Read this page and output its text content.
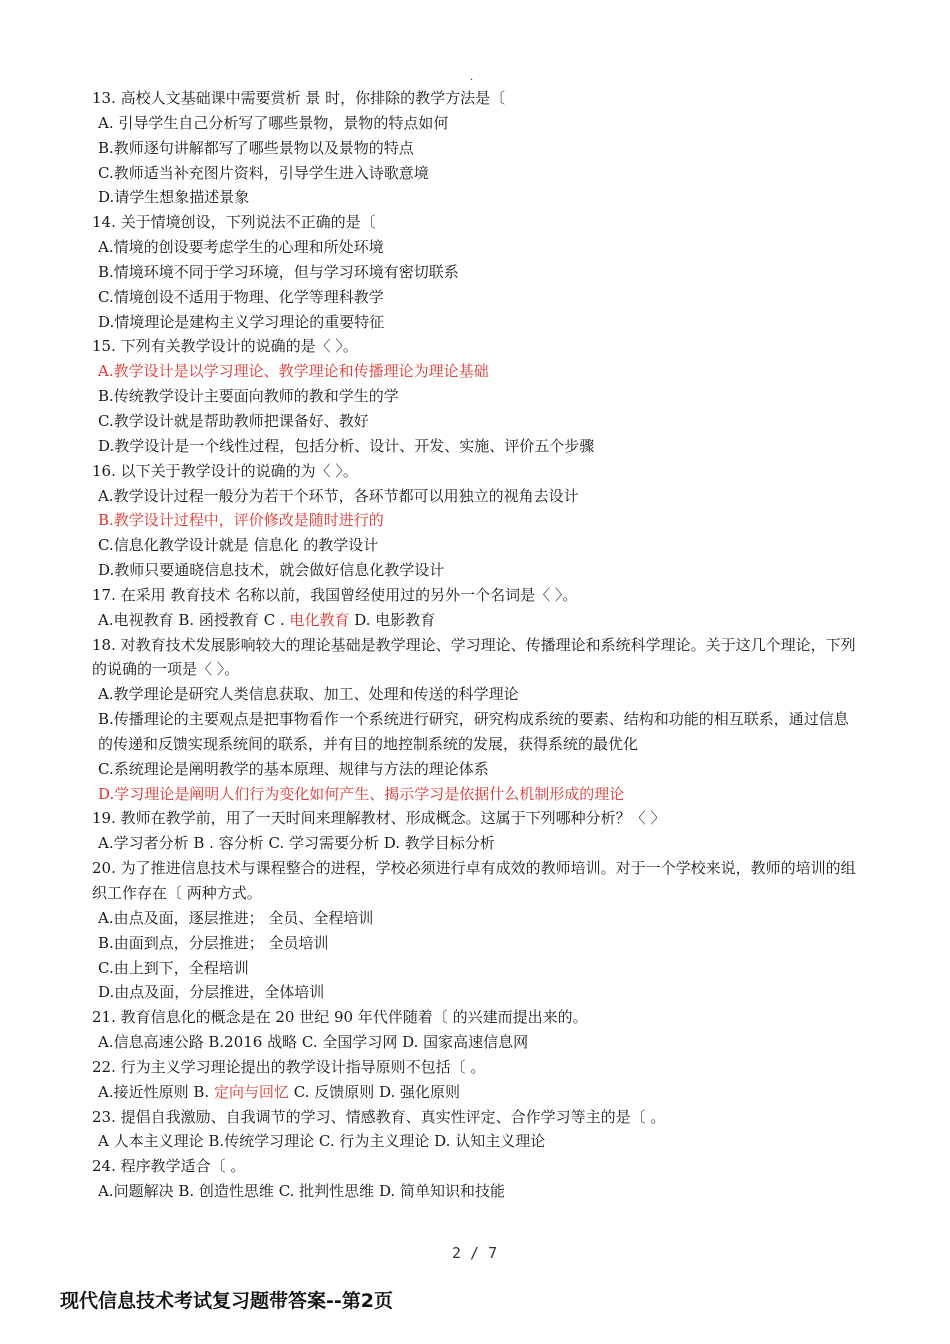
.
13. 高校人文基础课中需要赏析 景 时，你排除的教学方法是〔
A. 引导学生自己分析写了哪些景物，景物的特点如何
B.教师逐句讲解都写了哪些景物以及景物的特点
C.教师适当补充图片资料，引导学生进入诗歌意境
D.请学生想象描述景象
14. 关于情境创设，下列说法不正确的是〔
A.情境的创设要考虑学生的心理和所处环境
B.情境环境不同于学习环境，但与学习环境有密切联系
C.情境创设不适用于物理、化学等理科教学
D.情境理论是建构主义学习理论的重要特征
15. 下列有关教学设计的说确的是〈 〉。
A.教学设计是以学习理论、教学理论和传播理论为理论基础
B.传统教学设计主要面向教师的教和学生的学
C.教学设计就是帮助教师把课备好、教好
D.教学设计是一个线性过程，包括分析、设计、开发、实施、评价五个步骤
16. 以下关于教学设计的说确的为〈 〉。
A.教学设计过程一般分为若干个环节，各环节都可以用独立的视角去设计
B.教学设计过程中，评价修改是随时进行的
C.信息化教学设计就是 信息化 的教学设计
D.教师只要通晓信息技术，就会做好信息化教学设计
17. 在采用 教育技术 名称以前，我国曾经使用过的另外一个名词是〈 〉。
A.电视教育 B. 函授教育 C . 电化教育 D. 电影教育
18. 对教育技术发展影响较大的理论基础是教学理论、学习理论、传播理论和系统科学理论。关于这几个理论，下列的说确的一项是〈 〉。
A.教学理论是研究人类信息获取、加工、处理和传送的科学理论
B.传播理论的主要观点是把事物看作一个系统进行研究，研究构成系统的要素、结构和功能的相互联系，通过信息的传递和反馈实现系统间的联系，并有目的地控制系统的发展，获得系统的最优化
C.系统理论是阐明教学的基本原理、规律与方法的理论体系
D.学习理论是阐明人们行为变化如何产生、揭示学习是依据什么机制形成的理论
19. 教师在教学前，用了一天时间来理解教材、形成概念。这属于下列哪种分析？〈 〉
A.学习者分析 B . 容分析 C. 学习需要分析 D. 教学目标分析
20. 为了推进信息技术与课程整合的进程，学校必须进行卓有成效的教师培训。对于一个学校来说，教师的培训的组织工作存在〔 两种方式。
A.由点及面，逐层推进； 全员、全程培训
B.由面到点，分层推进； 全员培训
C.由上到下，全程培训
D.由点及面，分层推进，全体培训
21. 教育信息化的概念是在 20 世纪 90 年代伴随着〔 的兴建而提出来的。
A.信息高速公路 B.2016 战略 C. 全国学习网 D. 国家高速信息网
22. 行为主义学习理论提出的教学设计指导原则不包括〔 。
A.接近性原则 B. 定向与回忆 C. 反馈原则 D. 强化原则
23. 提倡自我激励、自我调节的学习、情感教育、真实性评定、合作学习等主的是〔 。
A 人本主义理论 B.传统学习理论 C. 行为主义理论 D. 认知主义理论
24. 程序教学适合〔 。
A.问题解决 B. 创造性思维 C. 批判性思维 D. 简单知识和技能
2 / 7
现代信息技术考试复习题带答案--第2页
